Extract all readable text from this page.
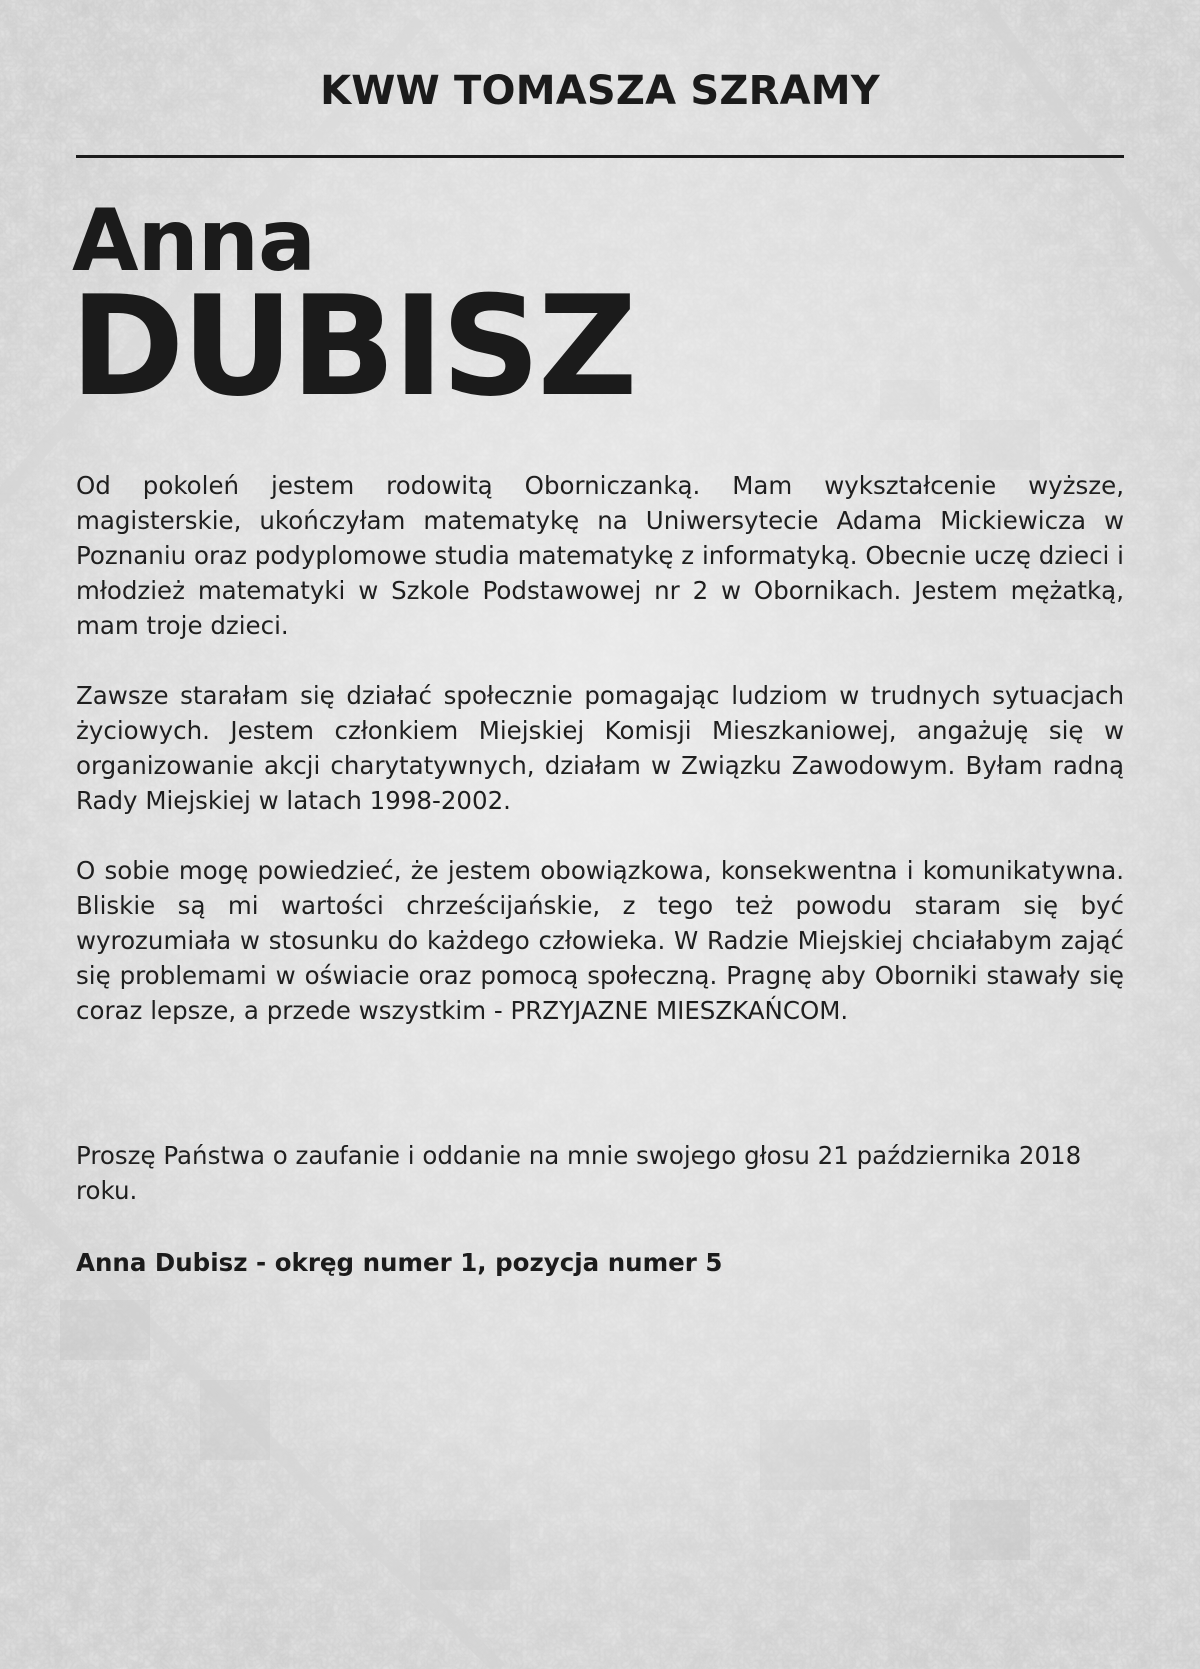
KWW TOMASZA SZRAMY
Anna
DUBISZ

Od pokoleń jestem rodowitą Oborniczanką. Mam wykształcenie wyższe, magisterskie, ukończyłam matematykę na Uniwersytecie Adama Mickiewicza w Poznaniu oraz podyplomowe studia matematykę z informatyką. Obecnie uczę dzieci i młodzież matematyki w Szkole Podstawowej nr 2 w Obornikach. Jestem mężatką, mam troje dzieci.

Zawsze starałam się działać społecznie pomagając ludziom w trudnych sytuacjach życiowych. Jestem członkiem Miejskiej Komisji Mieszkaniowej, angażuję się w organizowanie akcji charytatywnych, działam w Związku Zawodowym. Byłam radną Rady Miejskiej w latach 1998-2002.

O sobie mogę powiedzieć, że jestem obowiązkowa, konsekwentna i komunikatywna. Bliskie są mi wartości chrześcijańskie, z tego też powodu staram się być wyrozumiała w stosunku do każdego człowieka. W Radzie Miejskiej chciałabym zająć się problemami w oświacie oraz pomocą społeczną. Pragnę aby Oborniki stawały się coraz lepsze, a przede wszystkim - PRZYJAZNE MIESZKAŃCOM.

Proszę Państwa o zaufanie i oddanie na mnie swojego głosu 21 października 2018 roku.

Anna Dubisz - okręg numer 1, pozycja numer 5
